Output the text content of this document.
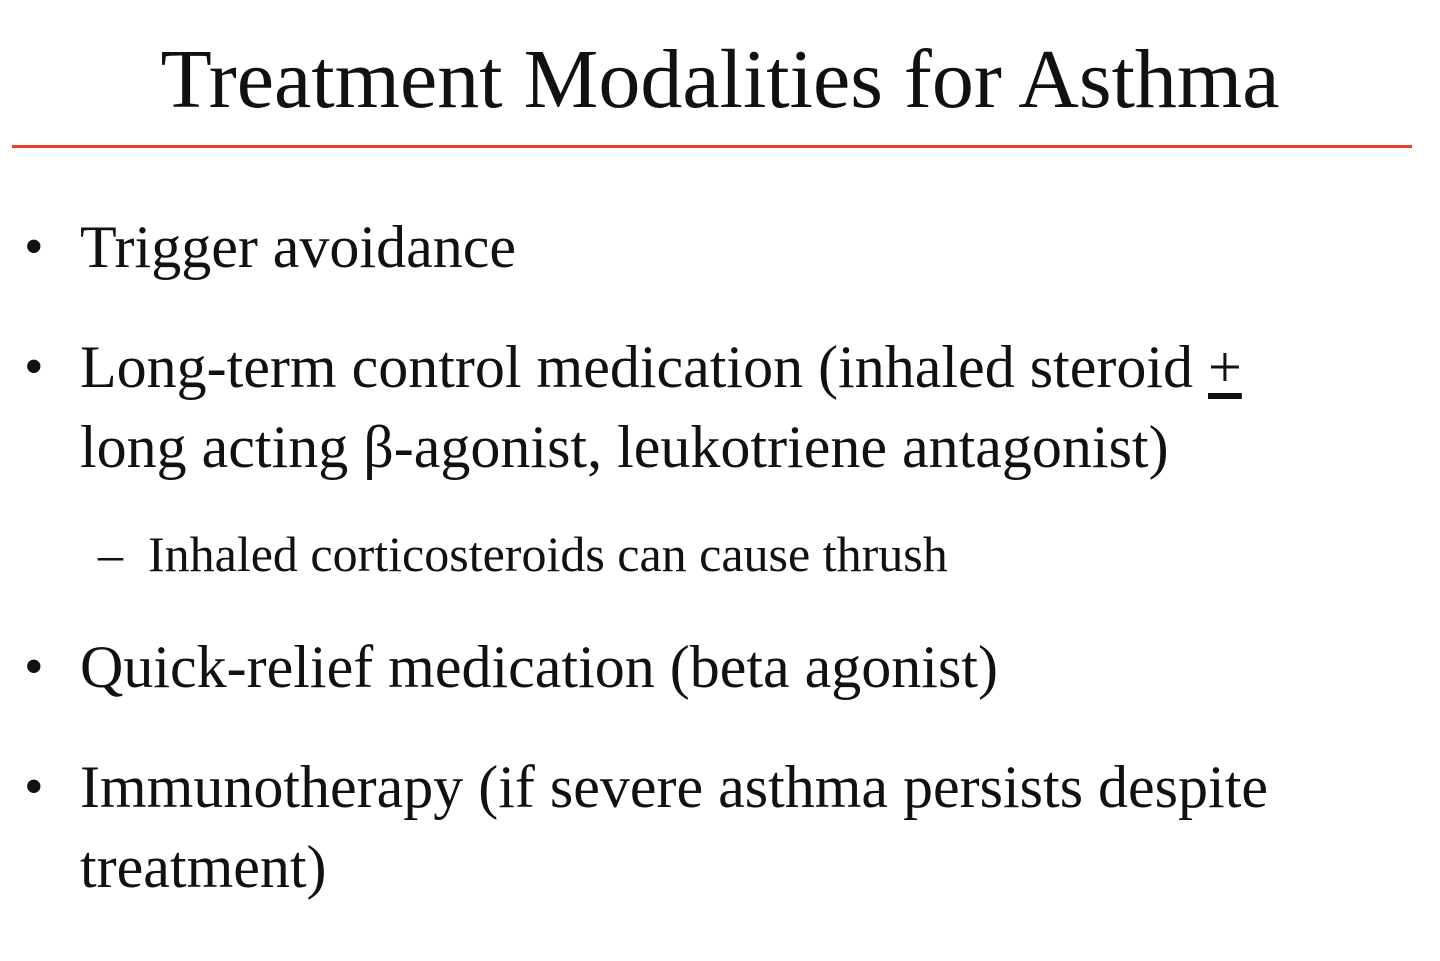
Treatment Modalities for Asthma
• Trigger avoidance
• Long-term control medication (inhaled steroid +
long acting β-agonist, leukotriene antagonist)
– Inhaled corticosteroids can cause thrush
• Quick-relief medication (beta agonist)
• Immunotherapy (if severe asthma persists despite
treatment)
